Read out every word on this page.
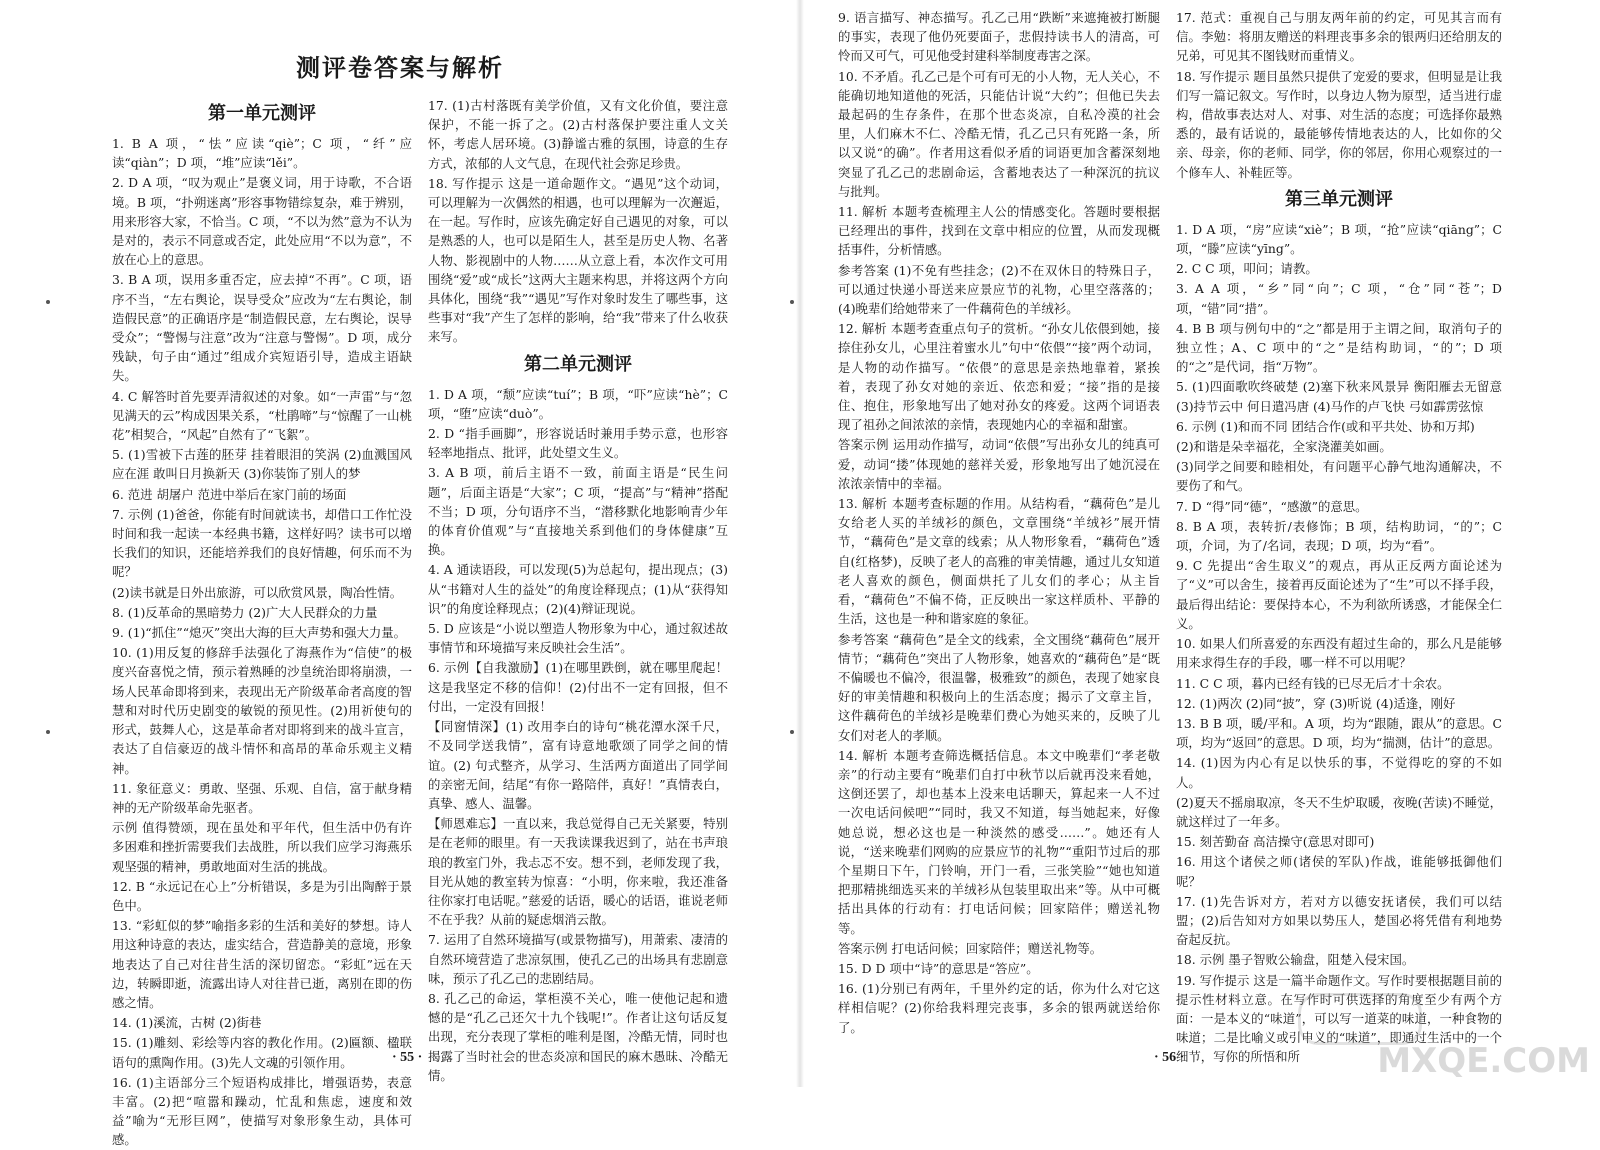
测评卷答案与解析
第一单元测评

1. B A 项，“怯”应读“qiè”；C 项，“纤”应读“qiàn”；D 项，“堆”应读“lěi”。

2. D A 项，“叹为观止”是褒义词，用于诗歌，不合语境。B 项，“扑朔迷离”形容事物错综复杂，难于辨别，用来形容大家，不恰当。C 项，“不以为然”意为不认为是对的，表示不同意或否定，此处应用“不以为意”，不放在心上的意思。

3. B A 项，误用多重否定，应去掉“不再”。C 项，语序不当，“左右舆论，误导受众”应改为“左右舆论，制造假民意”的正确语序是“制造假民意，左右舆论，误导受众”；“警惕与注意”改为“注意与警惕”。D 项，成分残缺，句子由“通过”组成介宾短语引导，造成主语缺失。

4. C 解答时首先要弄清叙述的对象。如“一声雷”与“忽见满天的云”构成因果关系，“杜鹃啼”与“惊醒了一山桃花”相契合，“风起”自然有了“飞絮”。

5. (1)雪被下古莲的胚芽 挂着眼泪的笑涡 (2)血溅国风应在涯 敢叫日月换新天 (3)你装饰了别人的梦

6. 范进 胡屠户 范进中举后在家门前的场面

7. 示例 (1)爸爸，你能有时间就读书，却借口工作忙没时间和我一起读一本经典书籍，这样好吗？读书可以增长我们的知识，还能培养我们的良好情趣，何乐而不为呢？

(2)读书就是日外出旅游，可以欣赏风景，陶冶性情。

8. (1)反革命的黑暗势力 (2)广大人民群众的力量

9. (1)“抓住”“熄灭”突出大海的巨大声势和强大力量。

10. (1)用反复的修辞手法强化了海燕作为“信使”的极度兴奋喜悦之情，预示着熟睡的沙皇统治即将崩溃，一场人民革命即将到来，表现出无产阶级革命者高度的智慧和对时代历史剧变的敏锐的预见性。(2)用祈使句的形式，鼓舞人心，这是革命者对即将到来的战斗宣言，表达了自信豪迈的战斗情怀和高昂的革命乐观主义精神。

11. 象征意义：勇敢、坚强、乐观、自信，富于献身精神的无产阶级革命先驱者。

示例 值得赞颂，现在虽处和平年代，但生活中仍有许多困难和挫折需要我们去战胜，所以我们应学习海燕乐观坚强的精神，勇敢地面对生活的挑战。

12. B “永远记在心上”分析错误，多是为引出陶醉于景色中。

13. “彩虹似的梦”喻指多彩的生活和美好的梦想。诗人用这种诗意的表达，虚实结合，营造静美的意境，形象地表达了自己对往昔生活的深切留恋。“彩虹”远在天边，转瞬即逝，流露出诗人对往昔已逝，离别在即的伤感之情。

14. (1)溪流，古树 (2)街巷

15. (1)雕刻、彩绘等内容的教化作用。(2)匾额、楹联语句的熏陶作用。(3)先人文魂的引领作用。

16. (1)主语部分三个短语构成排比，增强语势，表意丰富。(2)把“喧嚣和躁动，忙乱和焦虑，速度和效益”喻为“无形巨网”，使描写对象形象生动，具体可感。

17. (1)古村落既有美学价值，又有文化价值，要注意保护，不能一拆了之。(2)古村落保护要注重人文关怀，考虑人居环境。(3)静谧古雅的氛围，诗意的生存方式，浓郁的人文气息，在现代社会弥足珍贵。

18. 写作提示 这是一道命题作文。“遇见”这个动词，可以理解为一次偶然的相遇，也可以理解为一次邂逅，在一起。写作时，应该先确定好自己遇见的对象，可以是熟悉的人，也可以是陌生人，甚至是历史人物、名著人物、影视剧中的人物……从立意上看，本次作文可用围绕“爱”或“成长”这两大主题来构思，并将这两个方向具体化，围绕“我”“遇见”写作对象时发生了哪些事，这些事对“我”产生了怎样的影响，给“我”带来了什么收获来写。

第二单元测评

1. D A 项，“颓”应读“tuí”；B 项，“吓”应读“hè”；C 项，“堕”应读“duò”。

2. D “指手画脚”，形容说话时兼用手势示意，也形容轻率地指点、批评，此处望文生义。

3. A B 项，前后主语不一致，前面主语是“民生问题”，后面主语是“大家”；C 项，“提高”与“精神”搭配不当；D 项，分句语序不当，“潜移默化地影响青少年的体育价值观”与“直接地关系到他们的身体健康”互换。

4. A 通读语段，可以发现(5)为总起句，提出现点；(3)从“书籍对人生的益处”的角度诠释现点；(1)从“获得知识”的角度诠释现点；(2)(4)辩证现说。

5. D 应该是“小说以塑造人物形象为中心，通过叙述故事情节和环境描写来反映社会生活”。

6. 示例【自我激励】(1)在哪里跌倒，就在哪里爬起！这是我坚定不移的信仰！(2)付出不一定有回报，但不付出，一定没有回报！

【同窗情深】(1) 改用李白的诗句“桃花潭水深千尺，不及同学送我情”，富有诗意地歌颂了同学之间的情谊。(2) 句式整齐，从学习、生活两方面道出了同学间的亲密无间，结尾“有你一路陪伴，真好！”真情表白，真挚、感人、温馨。

【师恩难忘】一直以来，我总觉得自己无关紧要，特别是在老师的眼里。有一天我读课我迟到了，站在书声琅琅的教室门外，我忐忑不安。想不到，老师发现了我，目光从她的教室转为惊喜：“小明，你来啦，我还准备往你家打电话呢。”慈爱的话语，暖心的话语，谁说老师不在乎我？从前的疑虑烟消云散。

7. 运用了自然环境描写(或景物描写)，用萧索、凄清的自然环境营造了悲凉氛围，使孔乙己的出场具有悲剧意味，预示了孔乙己的悲剧结局。

8. 孔乙己的命运，掌柜漠不关心，唯一使他记起和遗憾的是“孔乙己还欠十九个钱呢!”。作者让这句话反复出现，充分表现了掌柜的唯利是图，冷酷无情，同时也揭露了当时社会的世态炎凉和国民的麻木愚昧、冷酷无情。

· 55 ·

9. 语言描写、神态描写。孔乙己用“跌断”来遮掩被打断腿的事实，表现了他仍死要面子，悲假持读书人的清高，可怜而又可气，可见他受封建科举制度毒害之深。

10. 不矛盾。孔乙己是个可有可无的小人物，无人关心，不能确切地知道他的死活，只能估计说“大约”；但他已失去最起码的生存条件，在那个世态炎凉，自私冷漠的社会里，人们麻木不仁、冷酷无情，孔乙己只有死路一条，所以又说“的确”。作者用这看似矛盾的词语更加含蓄深刻地突显了孔乙己的悲剧命运，含蓄地表达了一种深沉的抗议与批判。

11. 解析 本题考查梳理主人公的情感变化。答题时要根据已经理出的事件，找到在文章中相应的位置，从而发现概括事件，分析情感。

参考答案 (1)不免有些挂念；(2)不在双休日的特殊日子，可以通过快递小哥送来应景应节的礼物，心里空落落的；(4)晚辈们给她带来了一件藕荷色的羊绒衫。

12. 解析 本题考查重点句子的赏析。“孙女儿依偎到她，接捺住孙女儿，心里注着蜜水儿”句中“依偎”“接”两个动词，是人物的动作描写。“依偎”的意思是亲热地靠着，紧挨着，表现了孙女对她的亲近、依恋和爱；“接”指的是接住、抱住，形象地写出了她对孙女的疼爱。这两个词语表现了祖孙之间浓浓的亲情，表现她内心的幸福和甜蜜。

答案示例 运用动作描写，动词“依偎”写出孙女儿的纯真可爱，动词“搂”体现她的慈祥关爱，形象地写出了她沉浸在浓浓亲情中的幸福。

13. 解析 本题考查标题的作用。从结构看，“藕荷色”是儿女给老人买的羊绒衫的颜色，文章围绕“羊绒衫”展开情节，“藕荷色”是文章的线索；从人物形象看，“藕荷色”透自(红格梦)，反映了老人的高雅的审美情趣，通过儿女知道老人喜欢的颜色，侧面烘托了儿女们的孝心；从主旨看，“藕荷色”不偏不倚，正反映出一家这样质朴、平静的生活，这也是一种和谐家庭的象征。

参考答案 “藕荷色”是全文的线索，全文围绕“藕荷色”展开情节；“藕荷色”突出了人物形象，她喜欢的“藕荷色”是“既不偏暖也不偏冷，很温馨，极雅致”的颜色，表现了她家良好的审美情趣和积极向上的生活态度；揭示了文章主旨，这件藕荷色的羊绒衫是晚辈们费心为她买来的，反映了儿女们对老人的孝顺。

14. 解析 本题考查筛选概括信息。本文中晚辈们“孝老敬亲”的行动主要有“晚辈们自打中秋节以后就再没来看她，这倒还罢了，却也基本上没来电话聊天，算起来一人不过一次电话问候吧”“同时，我又不知道，每当她起来，好像她总说，想必这也是一种淡然的感受……”。她还有人说，“送来晚辈们网购的应景应节的礼物”“重阳节过后的那个星期日下午，门铃响，开门一看，三张笑脸”“她也知道把那精挑细选买来的羊绒衫从包装里取出来”等。从中可概括出具体的行动有：打电话问候；回家陪伴；赠送礼物等。

答案示例 打电话问候；回家陪伴；赠送礼物等。

15. D D 项中“诗”的意思是“答应”。

16. (1)分别已有两年，千里外约定的话，你为什么对它这样相信呢？(2)你给我料理完丧事，多余的银两就送给你了。

17. 范式：重视自己与朋友两年前的约定，可见其言而有信。李勉：将朋友赠送的料理丧事多余的银两归还给朋友的兄弟，可见其不图钱财而重情义。

18. 写作提示 题目虽然只提供了宠爱的要求，但明显是让我们写一篇记叙文。写作时，以身边人物为原型，适当进行虚构，借故事表达对人、对事、对生活的态度；可选择你最熟悉的，最有话说的，最能够传情地表达的人，比如你的父亲、母亲，你的老师、同学，你的邻居，你用心观察过的一个修车人、补鞋匠等。

第三单元测评

1. D A 项，“房”应读“xiè”；B 项，“抢”应读“qiāng”；C 项，“滕”应读“yīng”。

2. C C 项，叩问；请教。

3. A A 项，“乡”同“向”；C 项，“仓”同“苍”；D 项，“错”同“措”。

4. B B 项与例句中的“之”都是用于主谓之间，取消句子的独立性；A、C 项中的“之”是结构助词，“的”；D 项的“之”是代词，指“万物”。

5. (1)四面歌吹终破楚 (2)塞下秋来风景异 衡阳雁去无留意 (3)持节云中 何日遣冯唐 (4)马作的卢飞快 弓如霹雳弦惊

6. 示例 (1)和而不同 团结合作(或和平共处、协和万邦)

(2)和谐是朵幸福花，全家浇灌美如画。

(3)同学之间要和睦相处，有问题平心静气地沟通解决，不要伤了和气。

7. D “得”同“德”，“感激”的意思。

8. B A 项，表转折/表修饰；B 项，结构助词，“的”；C 项，介词，为了/名词，表现；D 项，均为“看”。

9. C 先提出“舍生取义”的观点，再从正反两方面论述为了“义”可以舍生，接着再反面论述为了“生”可以不择手段，最后得出结论：要保持本心，不为利欲所诱惑，才能保全仁义。

10. 如果人们所喜爱的东西没有超过生命的，那么凡是能够用来求得生存的手段，哪一样不可以用呢？

11. C C 项，暮内已经有钱的已尽无后才十余农。

12. (1)两次 (2)同“披”，穿 (3)听说 (4)适逢，刚好

13. B B 项，暖/平和。A 项，均为“跟随，跟从”的意思。C 项，均为“返回”的意思。D 项，均为“揣测，估计”的意思。

14. (1)因为内心有足以快乐的事，不觉得吃的穿的不如人。

(2)夏天不摇扇取凉，冬天不生炉取暖，夜晚(苦读)不睡觉，就这样过了一年多。

15. 刻苦勤奋 高洁操守(意思对即可)

16. 用这个诸侯之师(诸侯的军队)作战，谁能够抵御他们呢？

17. (1)先告诉对方，若对方以德安抚诸侯，我们可以结盟；(2)后告知对方如果以势压人，楚国必将凭借有利地势奋起反抗。

18. 示例 墨子智败公输盘，阻楚入侵宋国。

19. 写作提示 这是一篇半命题作文。写作时要根据题目前的提示性材料立意。在写作时可供选择的角度至少有两个方面：一是本义的“味道”，可以写一道菜的味道，一种食物的味道；二是比喻义或引申义的“味道”，即通过生活中的一个细节，写你的所悟和所

· 56 ·	MXQE.COM
